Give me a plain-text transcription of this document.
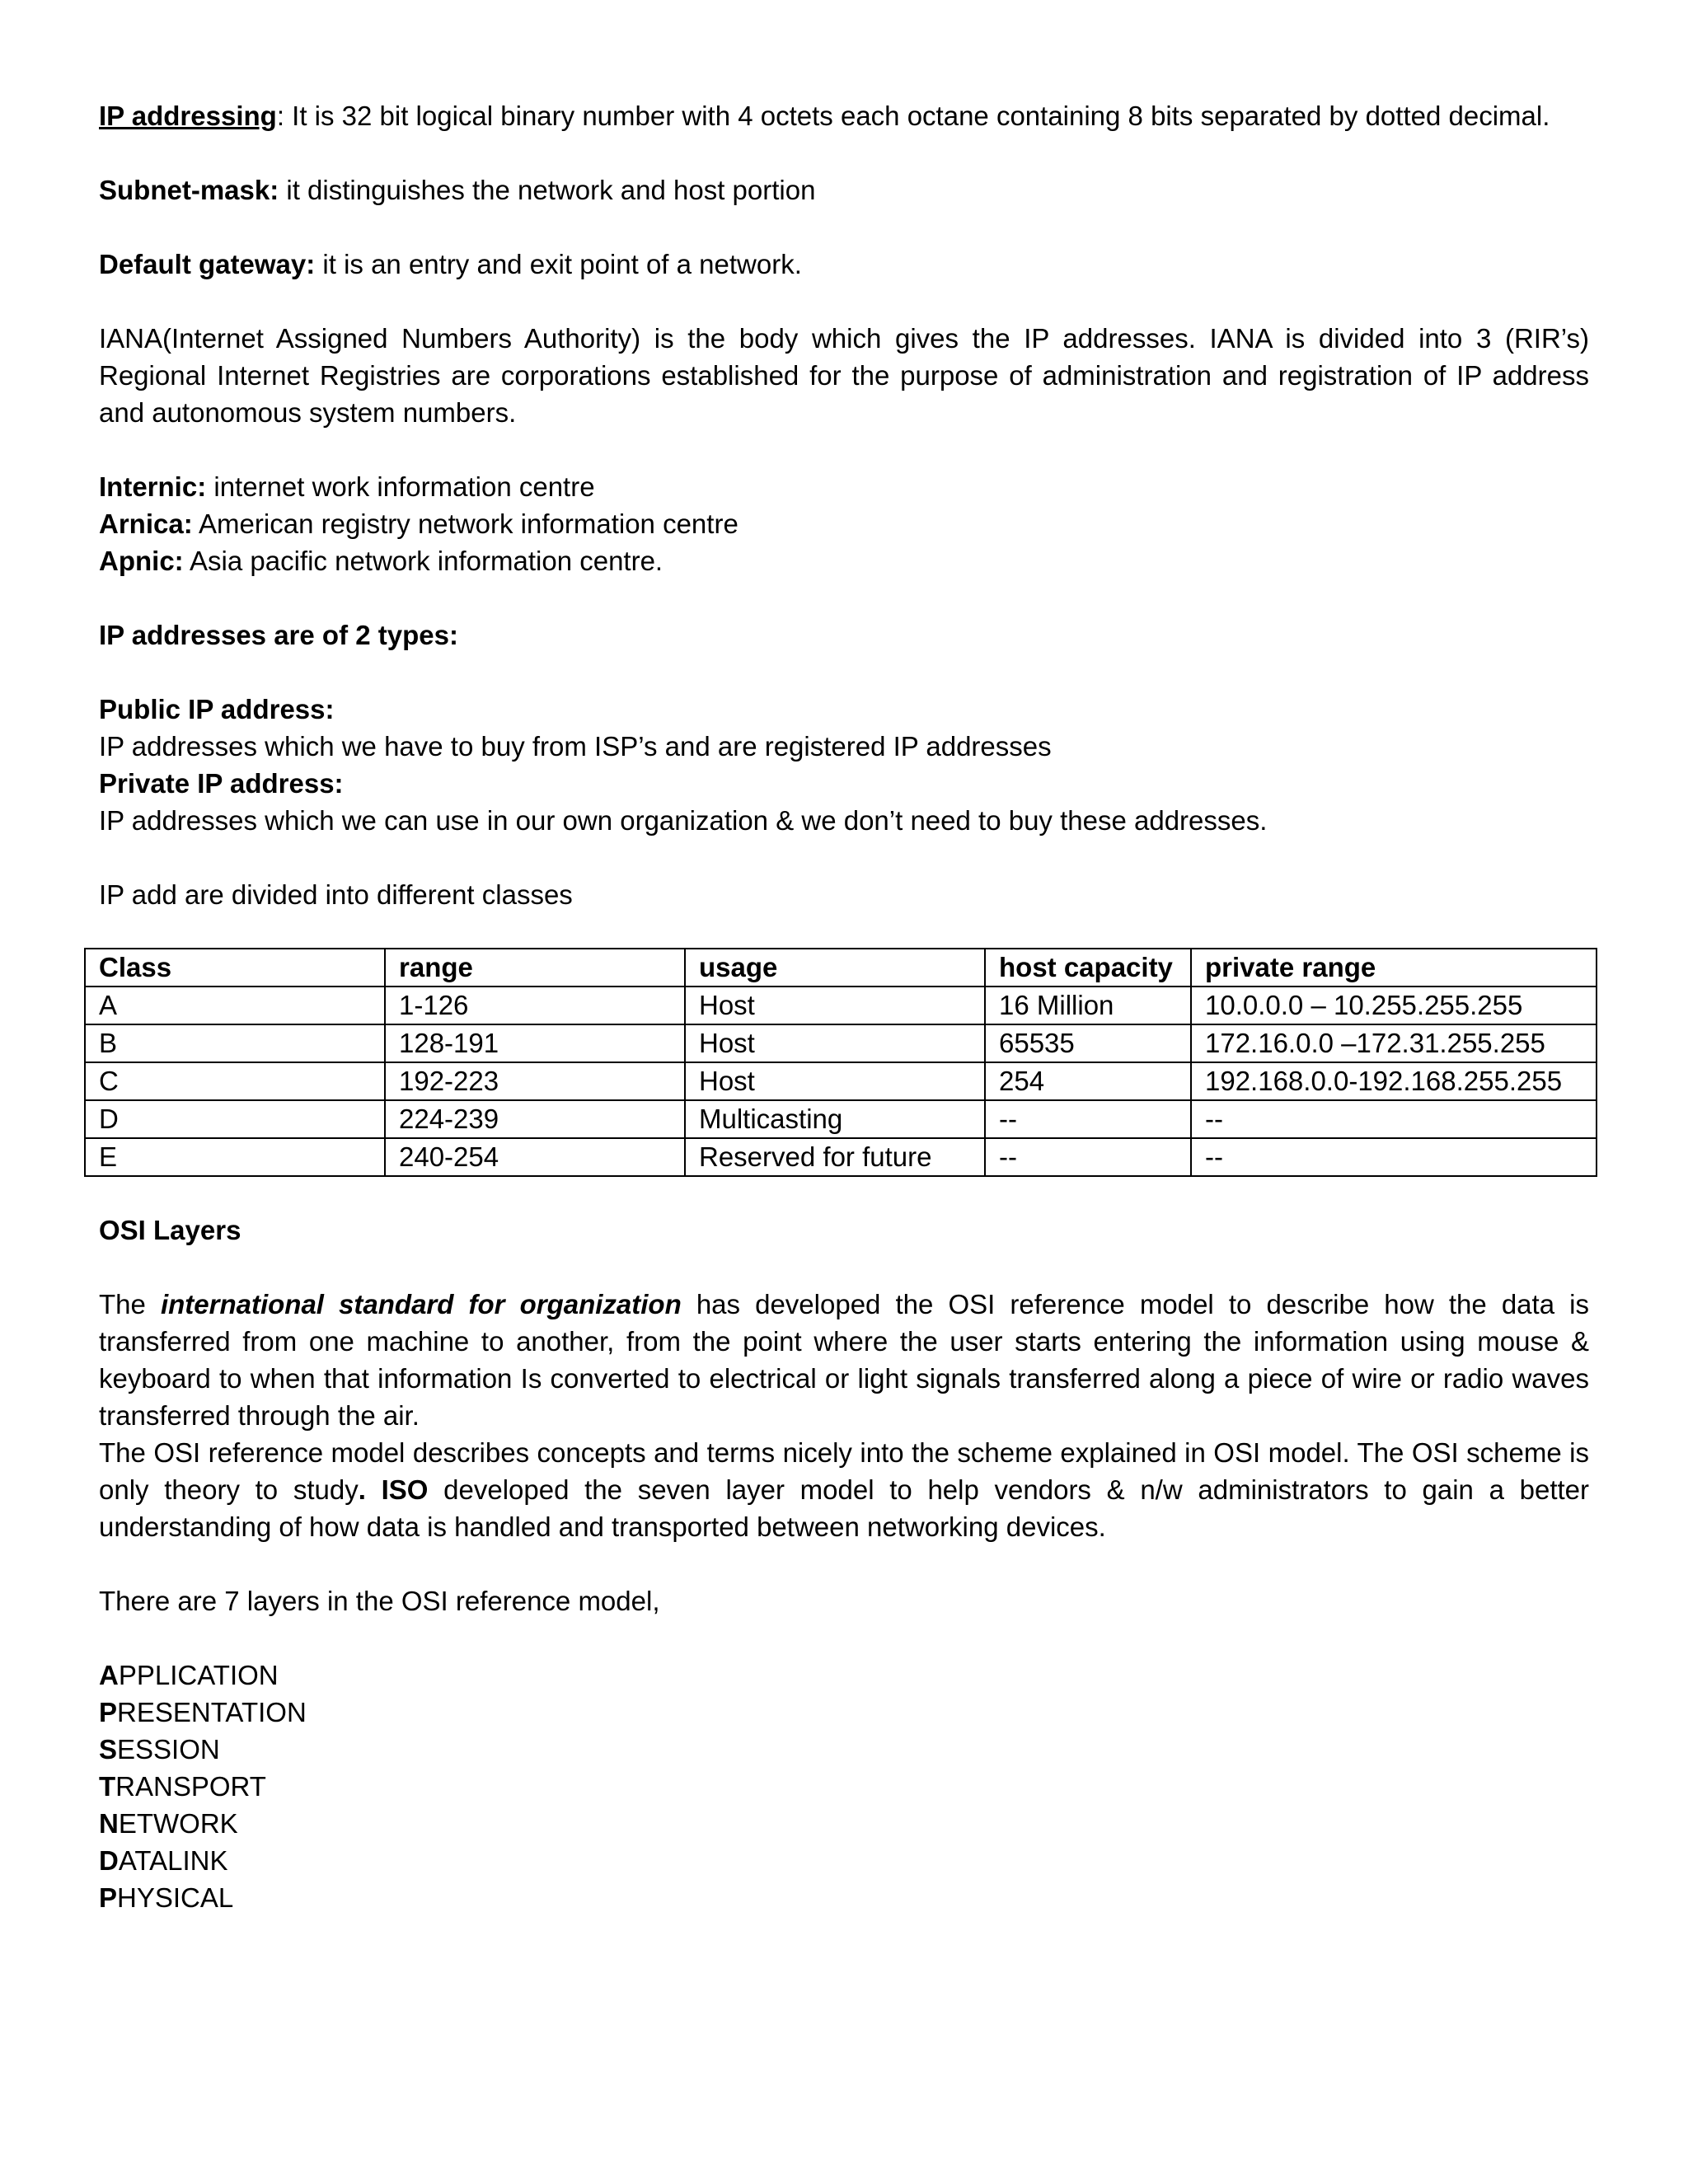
IP addressing: It is 32 bit logical binary number with 4 octets each octane containing 8 bits separated by dotted decimal.

Subnet-mask: it distinguishes the network and host portion

Default gateway: it is an entry and exit point of a network.

IANA(Internet Assigned Numbers Authority) is the body which gives the IP addresses. IANA is divided into 3 (RIR’s) Regional Internet Registries are corporations established for the purpose of administration and registration of IP address and autonomous system numbers.

Internic: internet work information centre

Arnica: American registry network information centre

Apnic: Asia pacific network information centre.

IP addresses are of 2 types:

Public IP address:

IP addresses which we have to buy from ISP’s and are registered IP addresses

Private IP address:

IP addresses which we can use in our own organization & we don’t need to buy these addresses.

IP add are divided into different classes

Class	range	usage	host capacity	private range
A	1-126	Host	16 Million	10.0.0.0 – 10.255.255.255
B	128-191	Host	65535	172.16.0.0 –172.31.255.255
C	192-223	Host	254	192.168.0.0-192.168.255.255
D	224-239	Multicasting	--	--
E	240-254	Reserved for future	--	--

OSI Layers

The international standard for organization has developed the OSI reference model to describe how the data is transferred from one machine to another, from the point where the user starts entering the information using mouse & keyboard to when that information Is converted to electrical or light signals transferred along a piece of wire or radio waves transferred through the air.

The OSI reference model describes concepts and terms nicely into the scheme explained in OSI model. The OSI scheme is only theory to study. ISO developed the seven layer model to help vendors & n/w administrators to gain a better understanding of how data is handled and transported between networking devices.

There are 7 layers in the OSI reference model,

APPLICATION

PRESENTATION

SESSION

TRANSPORT

NETWORK

DATALINK

PHYSICAL
